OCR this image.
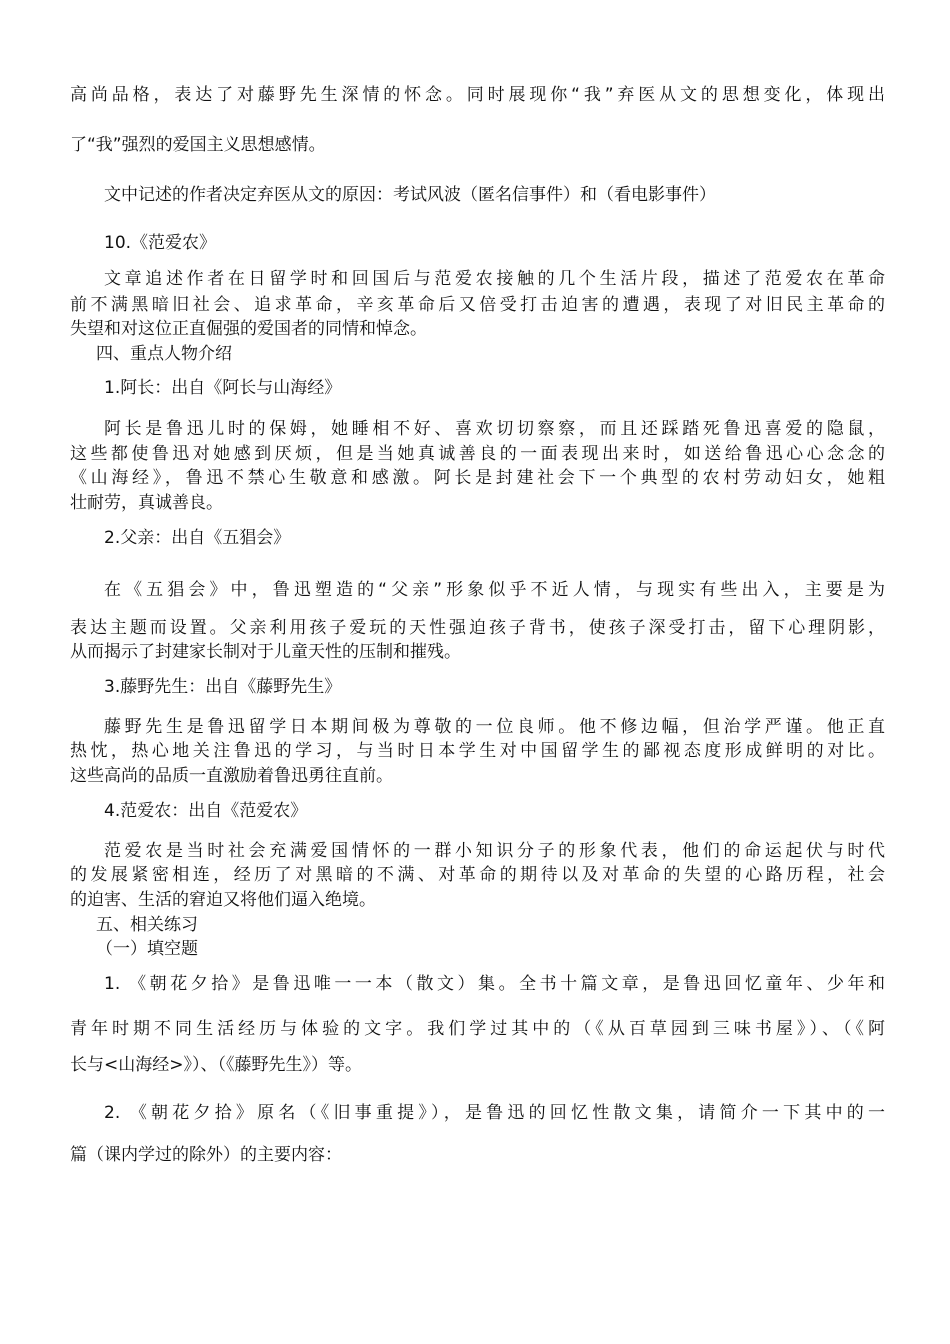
高尚品格，表达了对藤野先生深情的怀念。同时展现你“我”弃医从文的思想变化，体现出
了“我”强烈的爱国主义思想感情。
文中记述的作者决定弃医从文的原因：考试风波（匿名信事件）和（看电影事件）
10.《范爱农》
文章追述作者在日留学时和回国后与范爱农接触的几个生活片段，描述了范爱农在革命
前不满黑暗旧社会、追求革命，辛亥革命后又倍受打击迫害的遭遇，表现了对旧民主革命的
失望和对这位正直倔强的爱国者的同情和悼念。
四、重点人物介绍
1.阿长：出自《阿长与山海经》
阿长是鲁迅儿时的保姆，她睡相不好、喜欢切切察察，而且还踩踏死鲁迅喜爱的隐鼠，
这些都使鲁迅对她感到厌烦，但是当她真诚善良的一面表现出来时，如送给鲁迅心心念念的
《山海经》，鲁迅不禁心生敬意和感激。阿长是封建社会下一个典型的农村劳动妇女，她粗
壮耐劳，真诚善良。
2.父亲：出自《五猖会》
在《五猖会》中，鲁迅塑造的“父亲”形象似乎不近人情，与现实有些出入，主要是为
表达主题而设置。父亲利用孩子爱玩的天性强迫孩子背书，使孩子深受打击，留下心理阴影，
从而揭示了封建家长制对于儿童天性的压制和摧残。
3.藤野先生：出自《藤野先生》
藤野先生是鲁迅留学日本期间极为尊敬的一位良师。他不修边幅，但治学严谨。他正直
热忱，热心地关注鲁迅的学习，与当时日本学生对中国留学生的鄙视态度形成鲜明的对比。
这些高尚的品质一直激励着鲁迅勇往直前。
4.范爱农：出自《范爱农》
范爱农是当时社会充满爱国情怀的一群小知识分子的形象代表，他们的命运起伏与时代
的发展紧密相连，经历了对黑暗的不满、对革命的期待以及对革命的失望的心路历程，社会
的迫害、生活的窘迫又将他们逼入绝境。
五、相关练习
（一）填空题
1. 《朝花夕拾》是鲁迅唯一一本（散文）集。全书十篇文章，是鲁迅回忆童年、少年和
青年时期不同生活经历与体验的文字。我们学过其中的（《从百草园到三味书屋》）、（《阿
长与<山海经>》）、（《藤野先生》）等。
2. 《朝花夕拾》原名（《旧事重提》），是鲁迅的回忆性散文集，请简介一下其中的一
篇（课内学过的除外）的主要内容：
